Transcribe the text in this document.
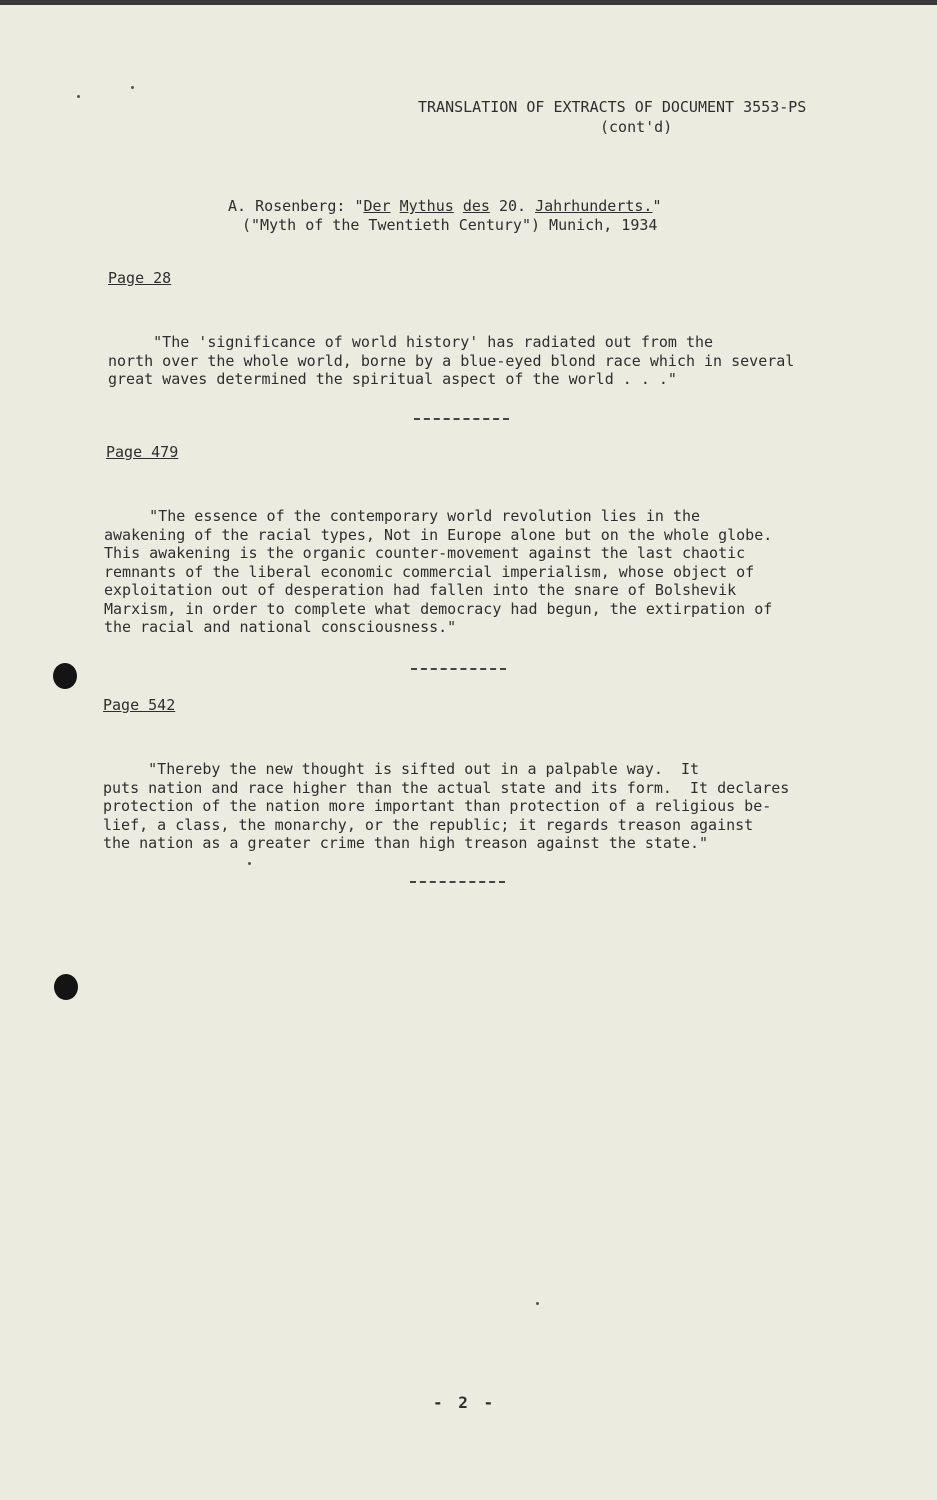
TRANSLATION OF EXTRACTS OF DOCUMENT 3553-PS
(cont'd)
A. Rosenberg: "Der Mythus des 20. Jahrhunderts."
("Myth of the Twentieth Century") Munich, 1934
Page 28
"The 'significance of world history' has radiated out from the
north over the whole world, borne by a blue-eyed blond race which in several
great waves determined the spiritual aspect of the world . . ."
Page 479
"The essence of the contemporary world revolution lies in the
awakening of the racial types, Not in Europe alone but on the whole globe.
This awakening is the organic counter-movement against the last chaotic
remnants of the liberal economic commercial imperialism, whose object of
exploitation out of desperation had fallen into the snare of Bolshevik
Marxism, in order to complete what democracy had begun, the extirpation of
the racial and national consciousness."
Page 542
"Thereby the new thought is sifted out in a palpable way.  It
puts nation and race higher than the actual state and its form.  It declares
protection of the nation more important than protection of a religious be-
lief, a class, the monarchy, or the republic; it regards treason against
the nation as a greater crime than high treason against the state."
- 2 -
